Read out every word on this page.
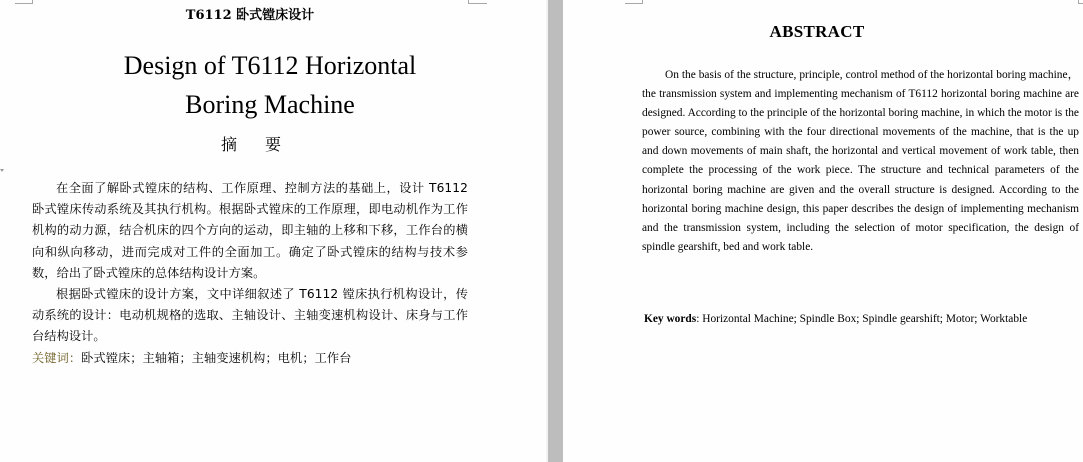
T6112 卧式镗床设计
Design of T6112 Horizontal
Boring Machine
摘要

在全面了解卧式镗床的结构、工作原理、控制方法的基础上，设计 T6112 卧式镗床传动系统及其执行机构。根据卧式镗床的工作原理，即电动机作为工作机构的动力源，结合机床的四个方向的运动，即主轴的上移和下移，工作台的横向和纵向移动，进而完成对工件的全面加工。确定了卧式镗床的结构与技术参数，给出了卧式镗床的总体结构设计方案。

根据卧式镗床的设计方案，文中详细叙述了 T6112 镗床执行机构设计，传动系统的设计：电动机规格的选取、主轴设计、主轴变速机构设计、床身与工作台结构设计。

关键词：卧式镗床；主轴箱；主轴变速机构；电机；工作台

ABSTRACT

On the basis of the structure, principle, control method of the horizontal boring machine， the transmission system and implementing mechanism of T6112 horizontal boring machine are designed. According to the principle of the horizontal boring machine, in which the motor is the power source, combining with the four directional movements of the machine, that is the up and down movements of main shaft, the horizontal and vertical movement of work table, then complete the processing of the work piece. The structure and technical parameters of the horizontal boring machine are given and the overall structure is designed. According to the horizontal boring machine design, this paper describes the design of implementing mechanism and the transmission system, including the selection of motor specification, the design of spindle gearshift, bed and work table.

Key words: Horizontal Machine; Spindle Box; Spindle gearshift; Motor; Worktable
